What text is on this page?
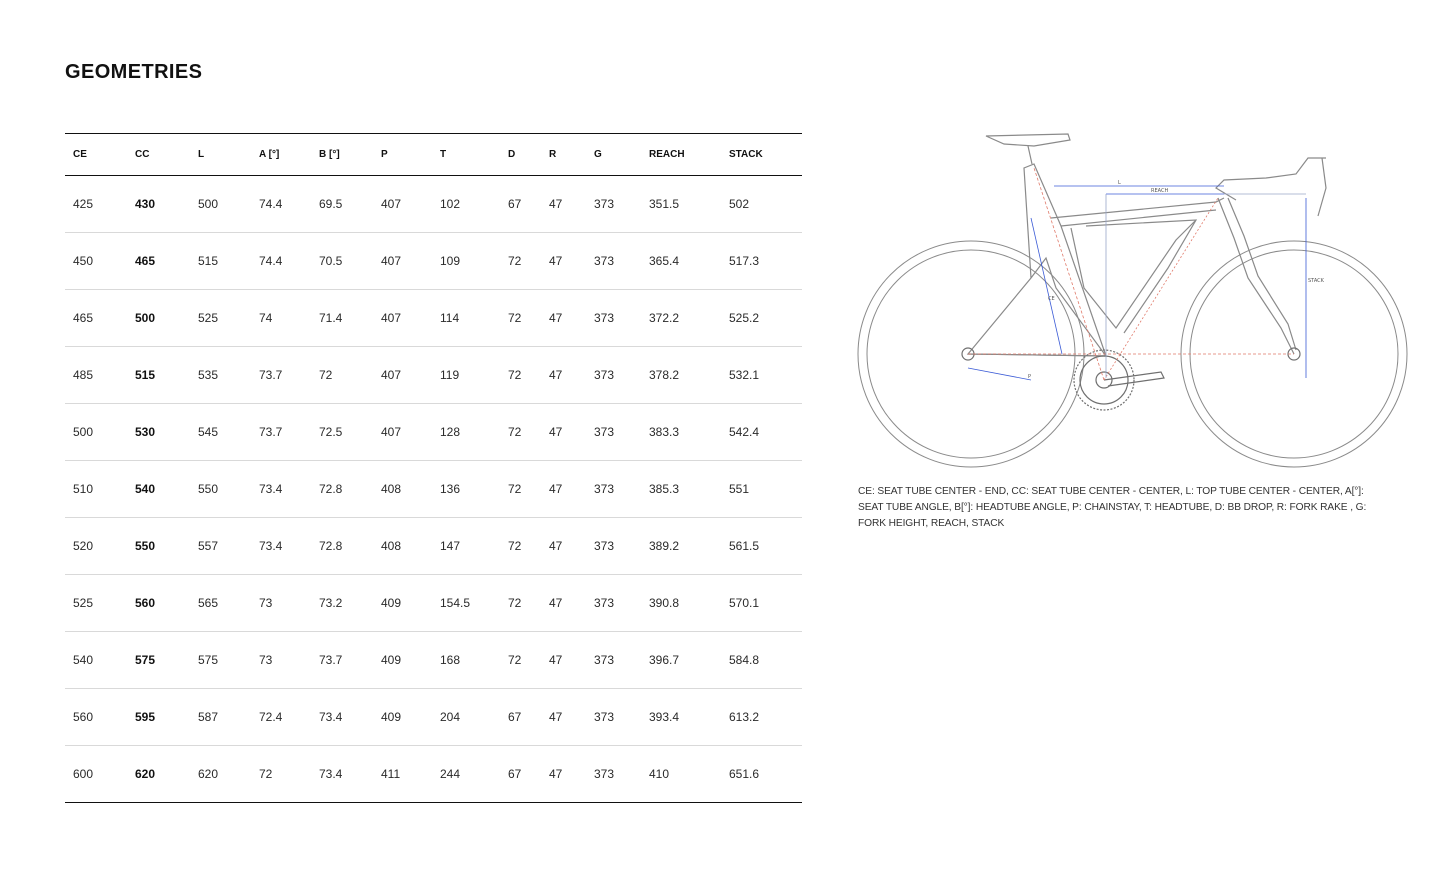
GEOMETRIES
CE	CC	L	A [°]	B [°]	P	T	D	R	G	REACH	STACK
425	430	500	74.4	69.5	407	102	67	47	373	351.5	502
450	465	515	74.4	70.5	407	109	72	47	373	365.4	517.3
465	500	525	74	71.4	407	114	72	47	373	372.2	525.2
485	515	535	73.7	72	407	119	72	47	373	378.2	532.1
500	530	545	73.7	72.5	407	128	72	47	373	383.3	542.4
510	540	550	73.4	72.8	408	136	72	47	373	385.3	551
520	550	557	73.4	72.8	408	147	72	47	373	389.2	561.5
525	560	565	73	73.2	409	154.5	72	47	373	390.8	570.1
540	575	575	73	73.7	409	168	72	47	373	396.7	584.8
560	595	587	72.4	73.4	409	204	67	47	373	393.4	613.2
600	620	620	72	73.4	411	244	67	47	373	410	651.6
REACH
L
STACK
CE
P

CE: SEAT TUBE CENTER - END, CC: SEAT TUBE CENTER - CENTER, L: TOP TUBE CENTER - CENTER, A[°]: SEAT TUBE ANGLE, B[°]: HEADTUBE ANGLE, P: CHAINSTAY, T: HEADTUBE, D: BB DROP, R: FORK RAKE , G: FORK HEIGHT, REACH, STACK
